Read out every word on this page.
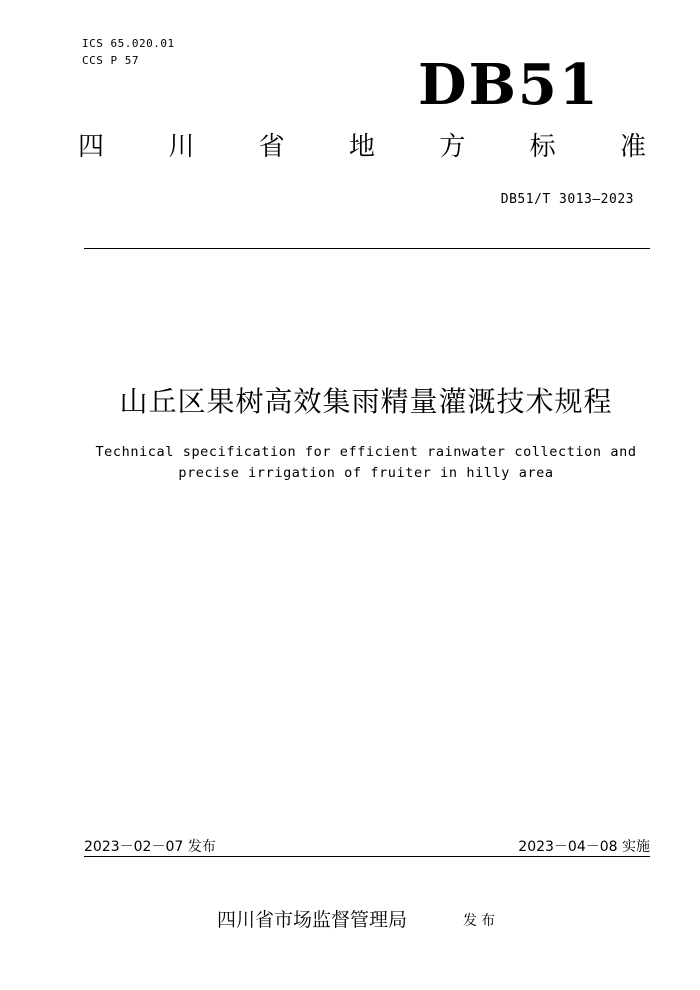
ICS 65.020.01
CCS P 57	DB51
四 川 省 地 方 标 准
DB51/T 3013—2023
山丘区果树高效集雨精量灌溉技术规程
Technical specification for efficient rainwater collection and
precise irrigation of fruiter in hilly area
2023－02－07 发布	2023－04－08 实施
四川省市场监督管理局	发布
